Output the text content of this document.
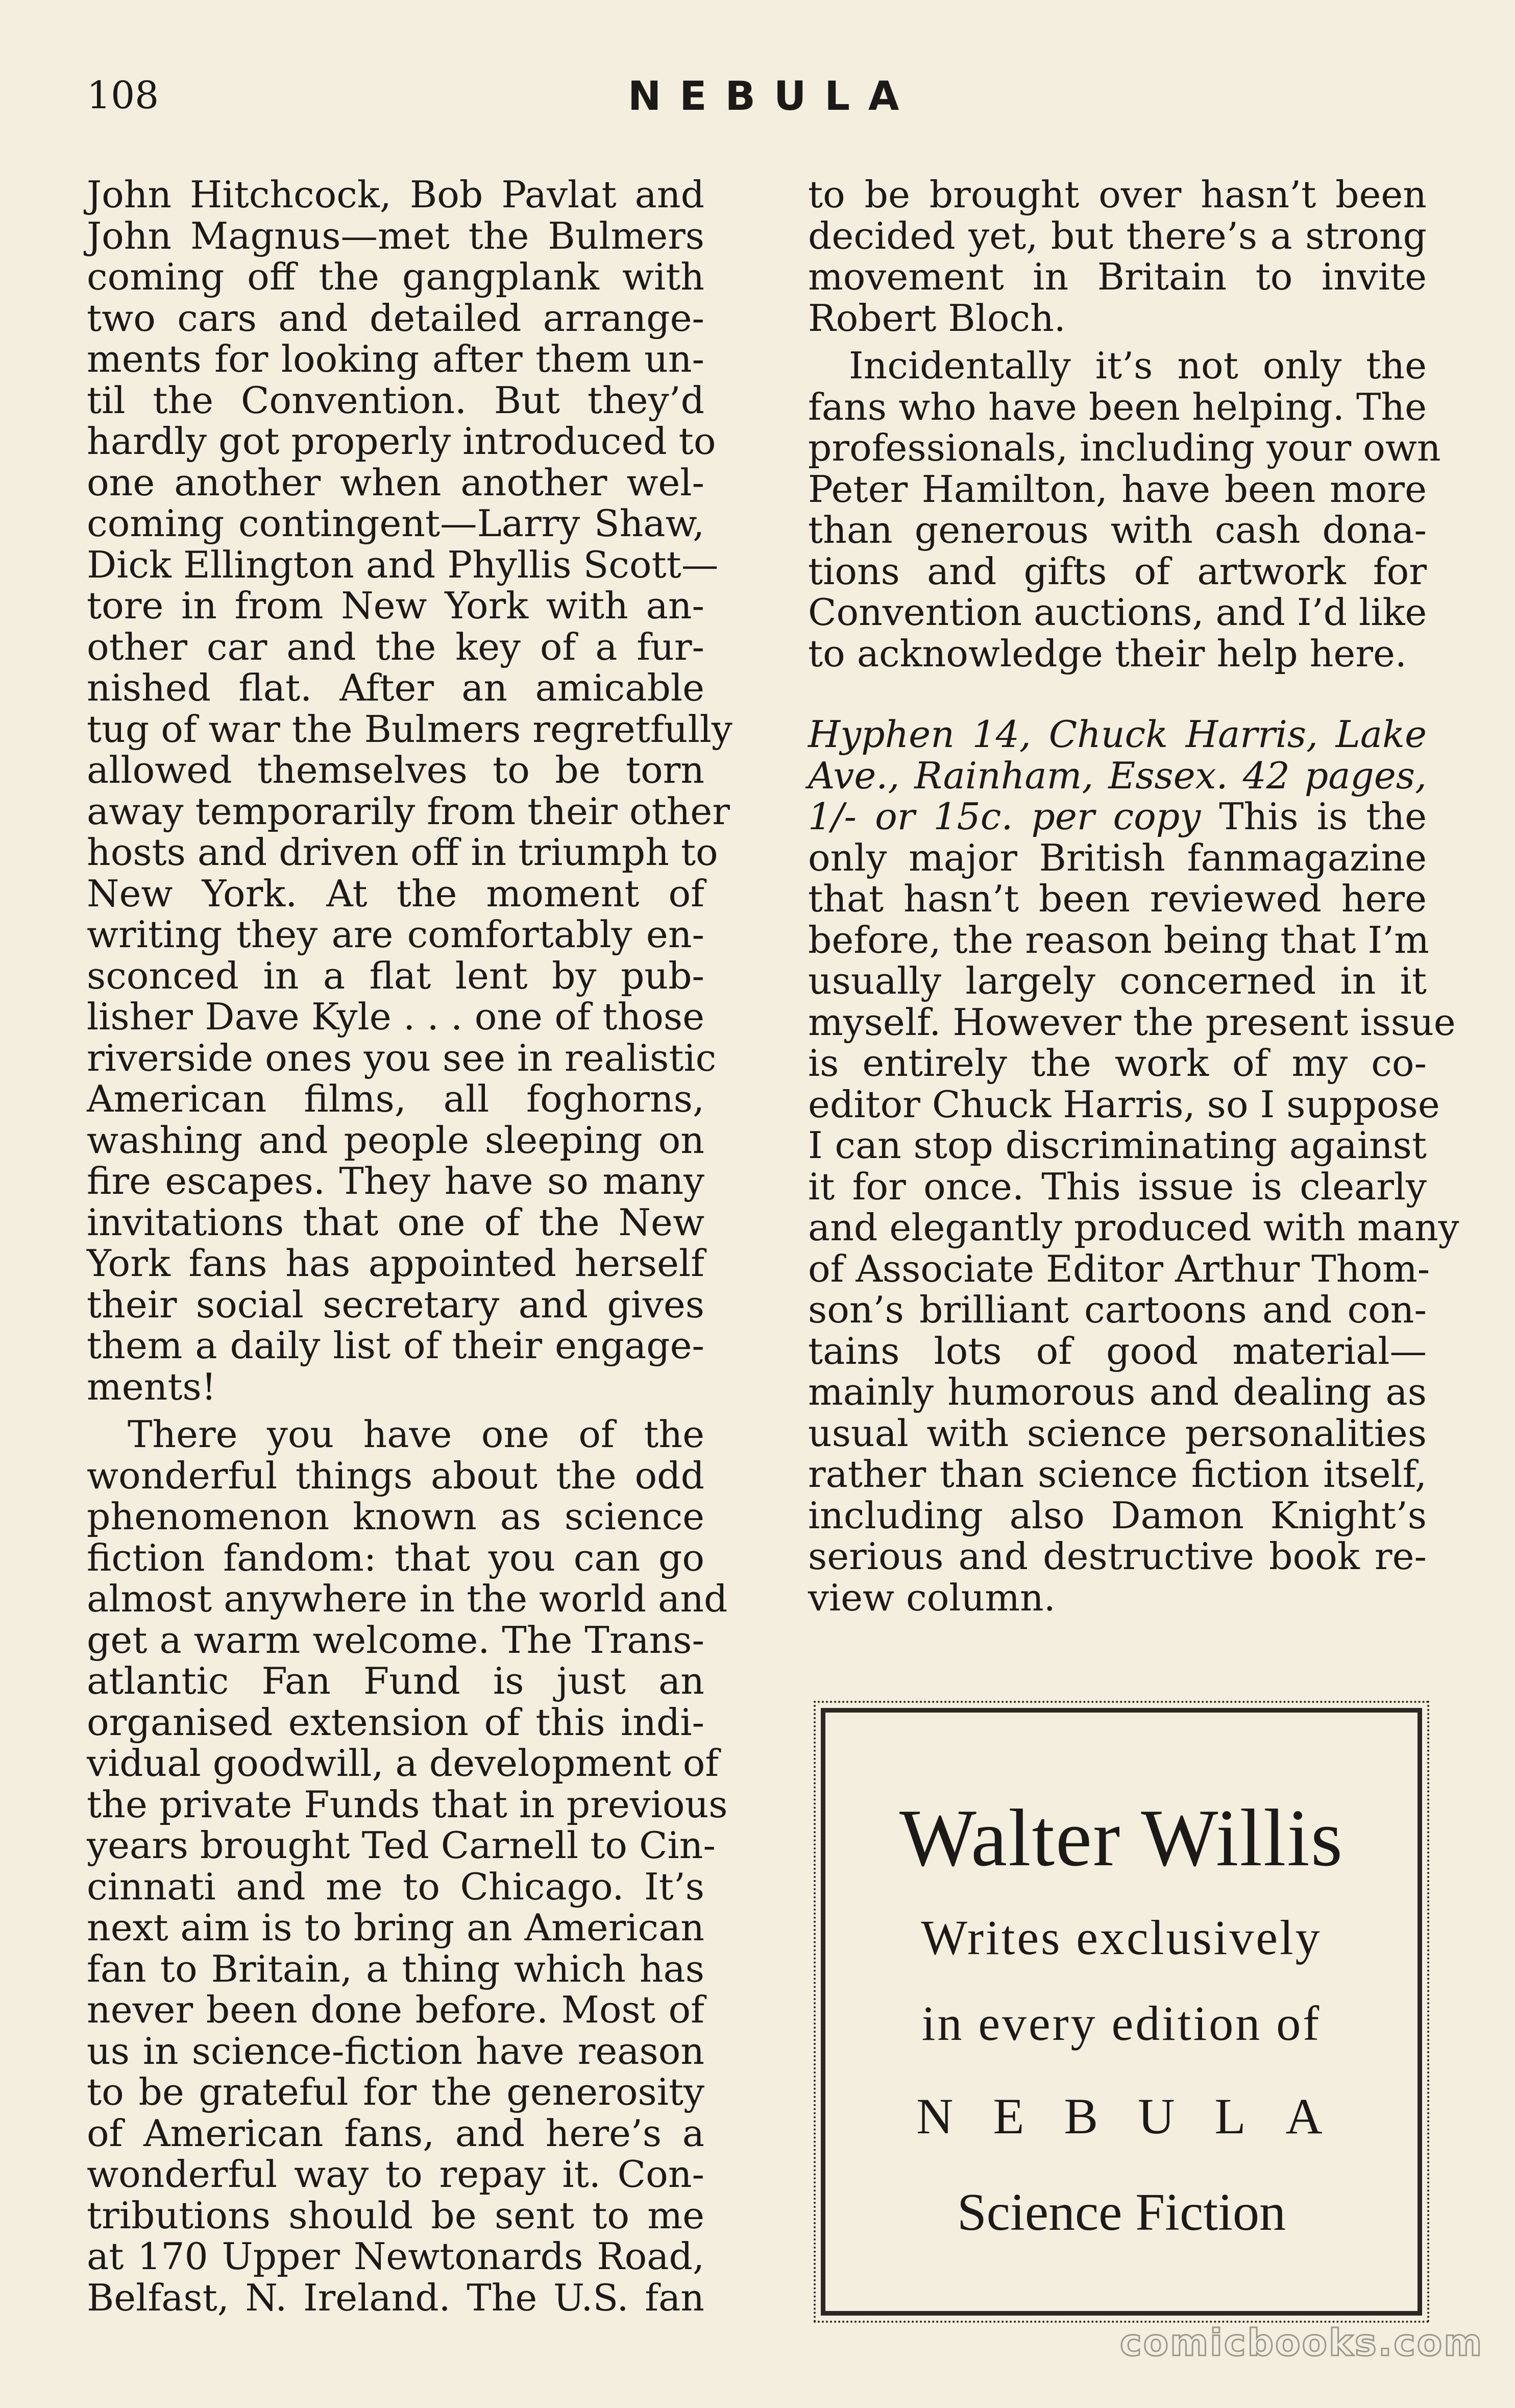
108	NEBULA
John Hitchcock, Bob Pavlat and
John Magnus—met the Bulmers
coming off the gangplank with
two cars and detailed arrange-
ments for looking after them un-
til the Convention. But they’d
hardly got properly introduced to
one another when another wel-
coming contingent—Larry Shaw,
Dick Ellington and Phyllis Scott—
tore in from New York with an-
other car and the key of a fur-
nished flat. After an amicable
tug of war the Bulmers regretfully
allowed themselves to be torn
away temporarily from their other
hosts and driven off in triumph to
New York. At the moment of
writing they are comfortably en-
sconced in a flat lent by pub-
lisher Dave Kyle . . . one of those
riverside ones you see in realistic
American films, all foghorns,
washing and people sleeping on
fire escapes. They have so many
invitations that one of the New
York fans has appointed herself
their social secretary and gives
them a daily list of their engage-
ments!
There you have one of the
wonderful things about the odd
phenomenon known as science
fiction fandom: that you can go
almost anywhere in the world and
get a warm welcome. The Trans-
atlantic Fan Fund is just an
organised extension of this indi-
vidual goodwill, a development of
the private Funds that in previous
years brought Ted Carnell to Cin-
cinnati and me to Chicago. It’s
next aim is to bring an American
fan to Britain, a thing which has
never been done before. Most of
us in science-fiction have reason
to be grateful for the generosity
of American fans, and here’s a
wonderful way to repay it. Con-
tributions should be sent to me
at 170 Upper Newtonards Road,
Belfast, N. Ireland. The U.S. fan
to be brought over hasn’t been
decided yet, but there’s a strong
movement in Britain to invite
Robert Bloch.
Incidentally it’s not only the
fans who have been helping. The
professionals, including your own
Peter Hamilton, have been more
than generous with cash dona-
tions and gifts of artwork for
Convention auctions, and I’d like
to acknowledge their help here.
Hyphen 14, Chuck Harris, Lake
Ave., Rainham, Essex. 42 pages,
1/- or 15c. per copy This is the
only major British fanmagazine
that hasn’t been reviewed here
before, the reason being that I’m
usually largely concerned in it
myself. However the present issue
is entirely the work of my co-
editor Chuck Harris, so I suppose
I can stop discriminating against
it for once. This issue is clearly
and elegantly produced with many
of Associate Editor Arthur Thom-
son’s brilliant cartoons and con-
tains lots of good material—
mainly humorous and dealing as
usual with science personalities
rather than science fiction itself,
including also Damon Knight’s
serious and destructive book re-
view column.
Walter Willis
Writes exclusively
in every edition of
NEBULA
Science Fiction
comicbooks.com
